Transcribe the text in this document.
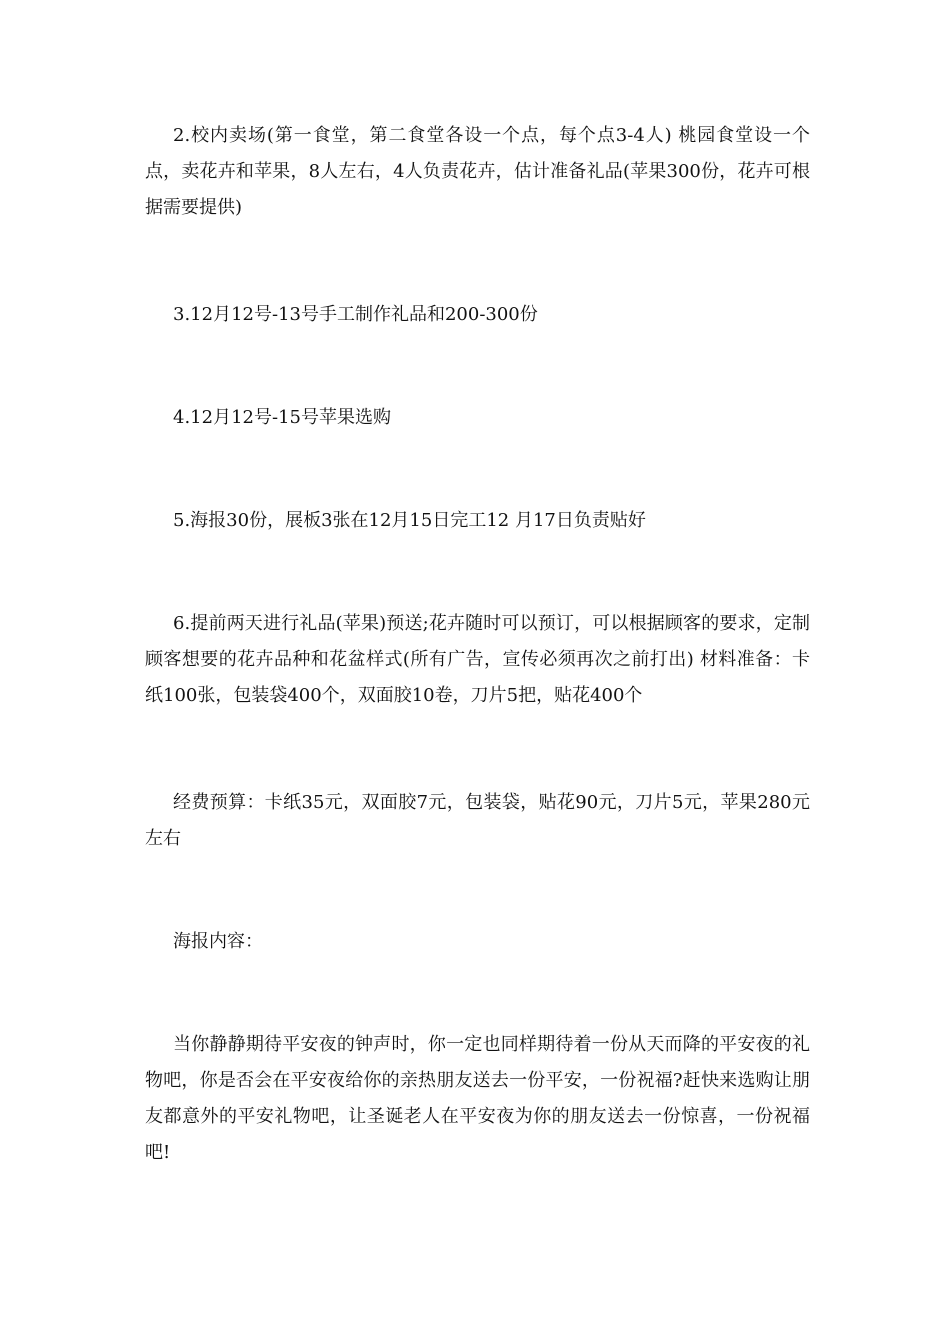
2.校内卖场(第一食堂，第二食堂各设一个点，每个点3-4人) 桃园食堂设一个点，卖花卉和苹果，8人左右，4人负责花卉，估计准备礼品(苹果300份，花卉可根据需要提供)

3.12月12号-13号手工制作礼品和200-300份

4.12月12号-15号苹果选购

5.海报30份，展板3张在12月15日完工12 月17日负责贴好

6.提前两天进行礼品(苹果)预送;花卉随时可以预订，可以根据顾客的要求，定制顾客想要的花卉品种和花盆样式(所有广告，宣传必须再次之前打出) 材料准备：卡纸100张，包装袋400个，双面胶10卷，刀片5把，贴花400个

经费预算：卡纸35元，双面胶7元，包装袋，贴花90元，刀片5元，苹果280元左右

海报内容：

当你静静期待平安夜的钟声时，你一定也同样期待着一份从天而降的平安夜的礼物吧，你是否会在平安夜给你的亲热朋友送去一份平安，一份祝福?赶快来选购让朋友都意外的平安礼物吧，让圣诞老人在平安夜为你的朋友送去一份惊喜，一份祝福吧!
